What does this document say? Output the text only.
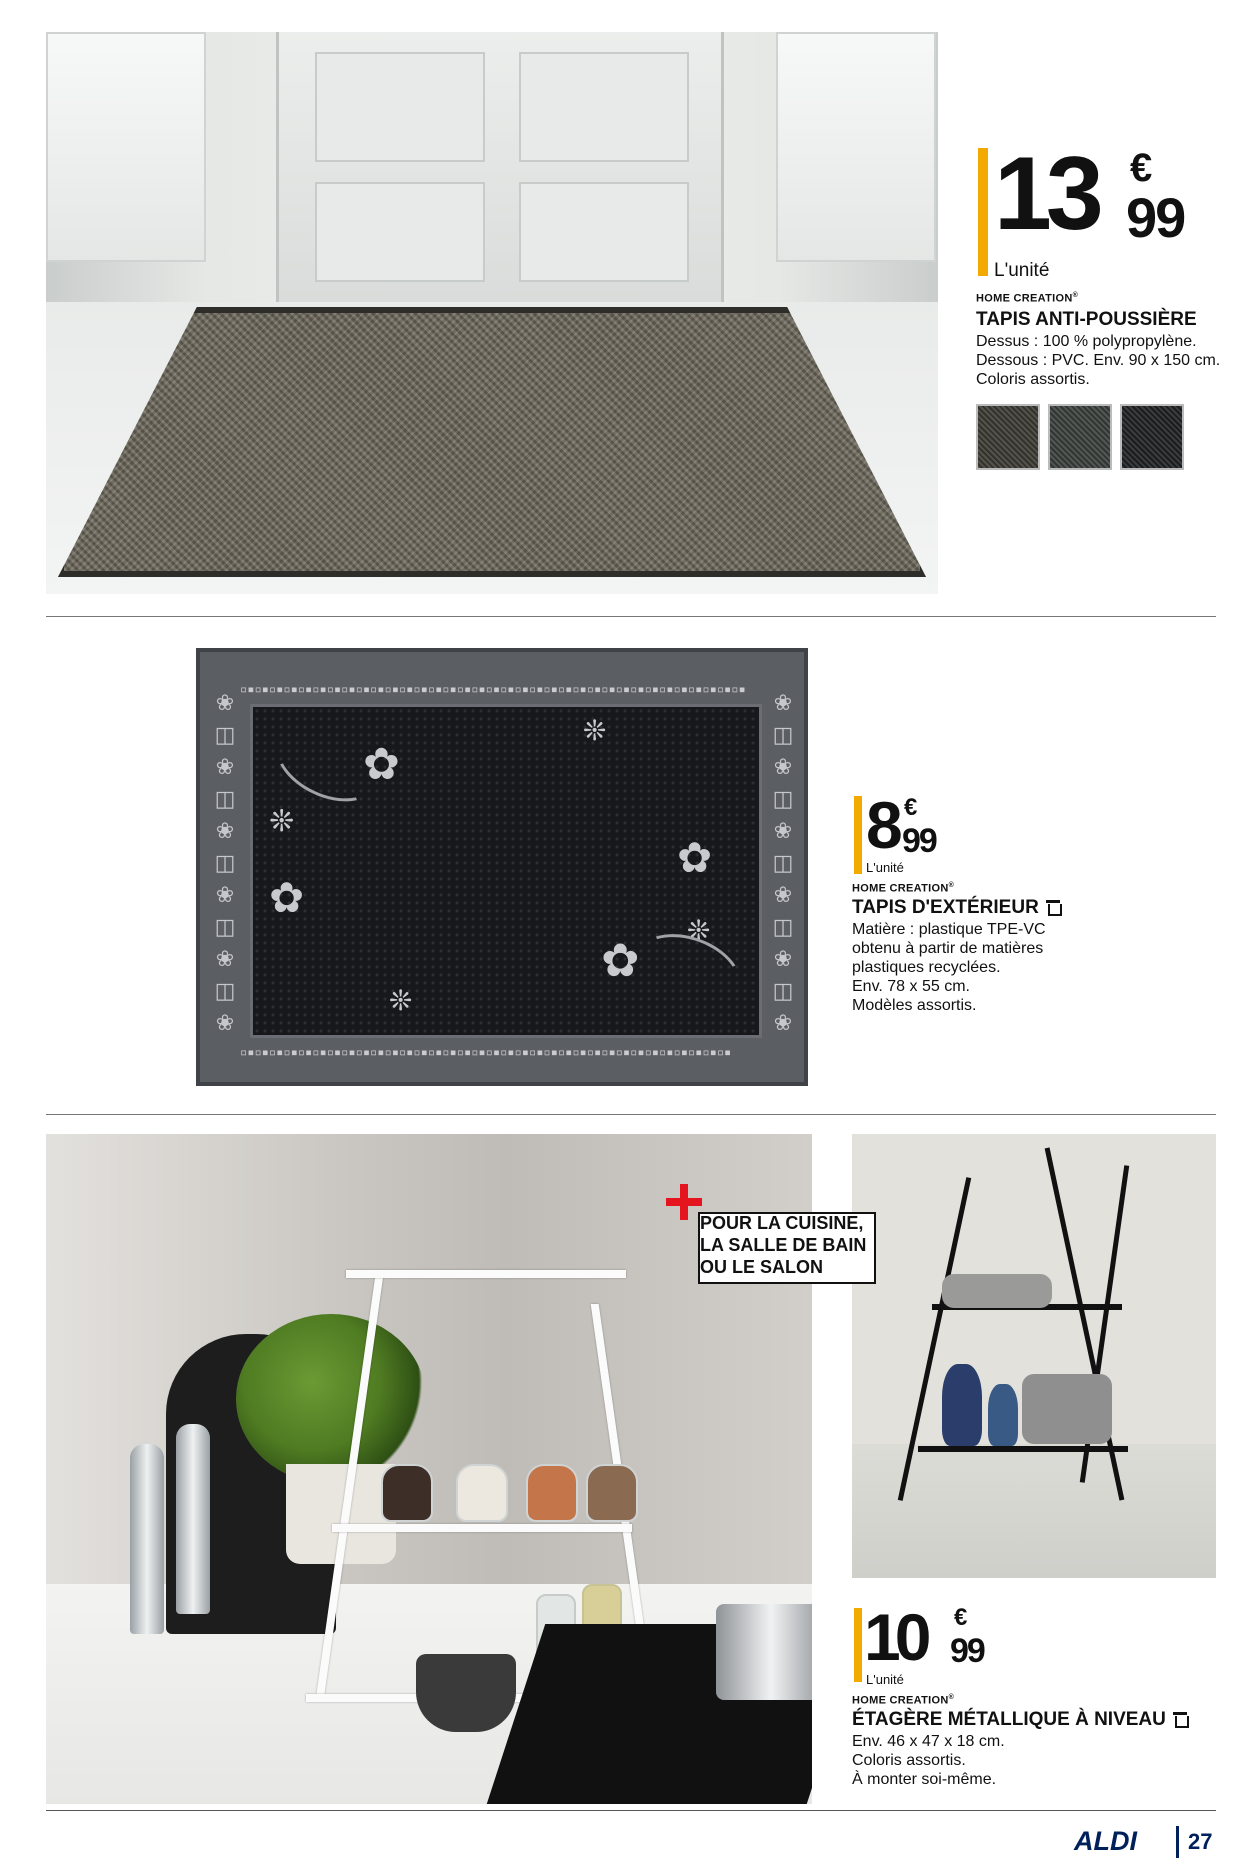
13 €
99
L'unité
HOME CREATION®
TAPIS ANTI-POUSSIÈRE
Dessus : 100 % polypropylène.
Dessous : PVC. Env. 90 x 150 cm.
Coloris assortis.
▫▪▫▪▫▪▫▪▫▪▫▪▫▪▫▪▫▪▫▪▫▪▫▪▫▪▫▪▫▪▫▪▫▪▫▪▫▪▫▪▫▪▫▪▫▪▫▪▫▪▫▪▫▪▫▪▫▪▫▪▫▪▫▪▫▪▫▪▫▪
▫▪▫▪▫▪▫▪▫▪▫▪▫▪▫▪▫▪▫▪▫▪▫▪▫▪▫▪▫▪▫▪▫▪▫▪▫▪▫▪▫▪▫▪▫▪▫▪▫▪▫▪▫▪▫▪▫▪▫▪▫▪▫▪▫▪▫▪
❀
◫
❀
◫
❀
◫
❀
◫
❀
◫
❀
❀
◫
❀
◫
❀
◫
❀
◫
❀
◫
❀
✿
❊
✿
❊
❊
✿
❊
✿
8 €
99
L'unité
HOME CREATION®
TAPIS D'EXTÉRIEUR
Matière : plastique TPE-VC
obtenu à partir de matières
plastiques recyclées.
Env. 78 x 55 cm.
Modèles assortis.
POUR LA CUISINE,
LA SALLE DE BAIN
OU LE SALON
10 €
99
L'unité
HOME CREATION®
ÉTAGÈRE MÉTALLIQUE À NIVEAU
Env. 46 x 47 x 18 cm.
Coloris assortis.
À monter soi-même.
ALDI 27
